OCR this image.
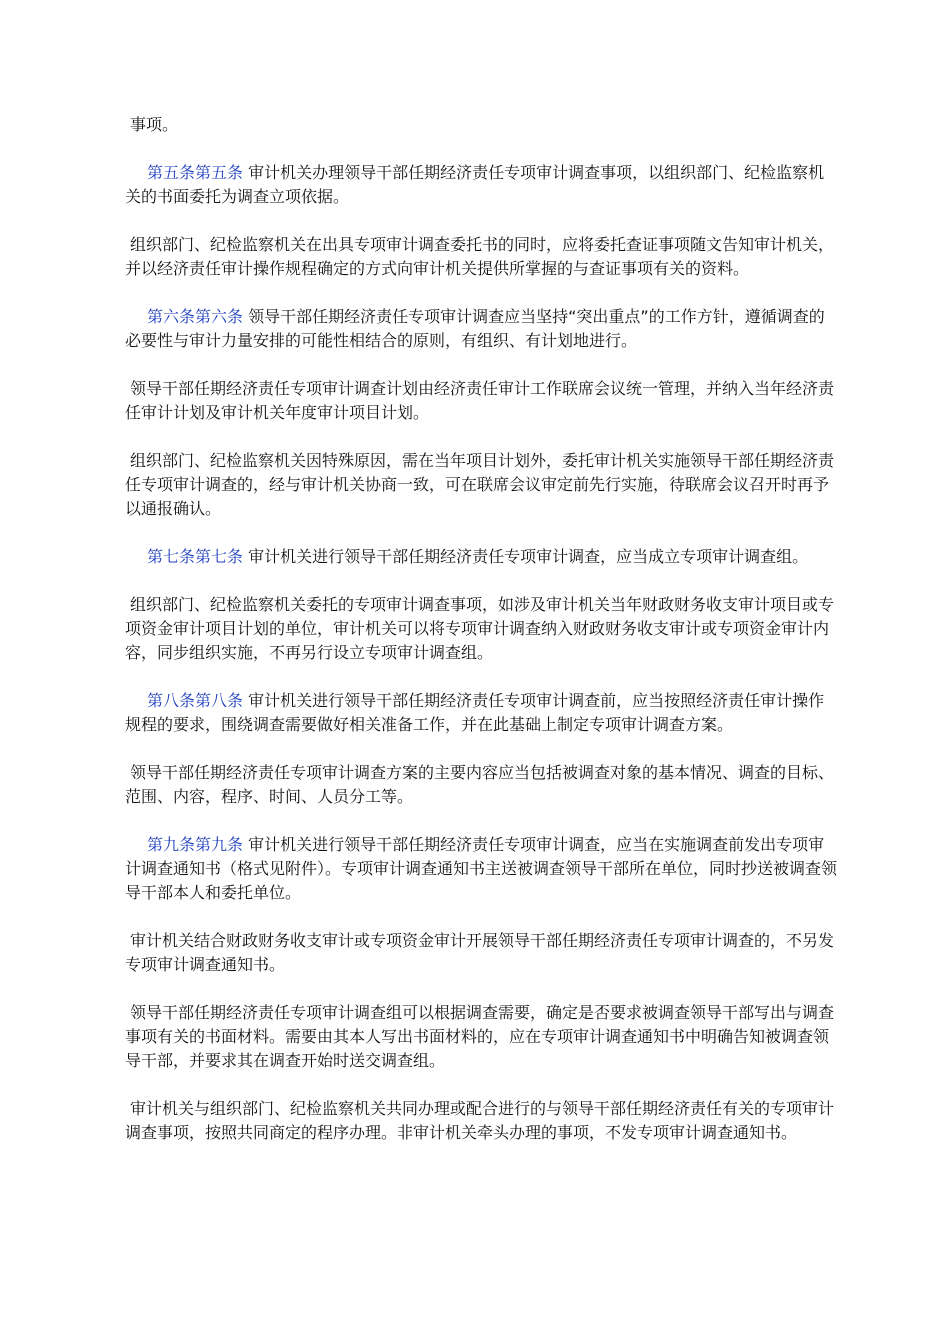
事项。

第五条第五条 审计机关办理领导干部任期经济责任专项审计调查事项，以组织部门、纪检监察机关的书面委托为调查立项依据。

组织部门、纪检监察机关在出具专项审计调查委托书的同时，应将委托查证事项随文告知审计机关，并以经济责任审计操作规程确定的方式向审计机关提供所掌握的与查证事项有关的资料。

第六条第六条 领导干部任期经济责任专项审计调查应当坚持“突出重点”的工作方针，遵循调查的必要性与审计力量安排的可能性相结合的原则，有组织、有计划地进行。

领导干部任期经济责任专项审计调查计划由经济责任审计工作联席会议统一管理，并纳入当年经济责任审计计划及审计机关年度审计项目计划。

组织部门、纪检监察机关因特殊原因，需在当年项目计划外，委托审计机关实施领导干部任期经济责任专项审计调查的，经与审计机关协商一致，可在联席会议审定前先行实施，待联席会议召开时再予以通报确认。

第七条第七条 审计机关进行领导干部任期经济责任专项审计调查，应当成立专项审计调查组。

组织部门、纪检监察机关委托的专项审计调查事项，如涉及审计机关当年财政财务收支审计项目或专项资金审计项目计划的单位，审计机关可以将专项审计调查纳入财政财务收支审计或专项资金审计内容，同步组织实施，不再另行设立专项审计调查组。

第八条第八条 审计机关进行领导干部任期经济责任专项审计调查前，应当按照经济责任审计操作规程的要求，围绕调查需要做好相关准备工作，并在此基础上制定专项审计调查方案。

领导干部任期经济责任专项审计调查方案的主要内容应当包括被调查对象的基本情况、调查的目标、范围、内容，程序、时间、人员分工等。

第九条第九条 审计机关进行领导干部任期经济责任专项审计调查，应当在实施调查前发出专项审计调查通知书（格式见附件）。专项审计调查通知书主送被调查领导干部所在单位，同时抄送被调查领导干部本人和委托单位。

审计机关结合财政财务收支审计或专项资金审计开展领导干部任期经济责任专项审计调查的，不另发专项审计调查通知书。

领导干部任期经济责任专项审计调查组可以根据调查需要，确定是否要求被调查领导干部写出与调查事项有关的书面材料。需要由其本人写出书面材料的，应在专项审计调查通知书中明确告知被调查领导干部，并要求其在调查开始时送交调查组。

审计机关与组织部门、纪检监察机关共同办理或配合进行的与领导干部任期经济责任有关的专项审计调查事项，按照共同商定的程序办理。非审计机关牵头办理的事项，不发专项审计调查通知书。
